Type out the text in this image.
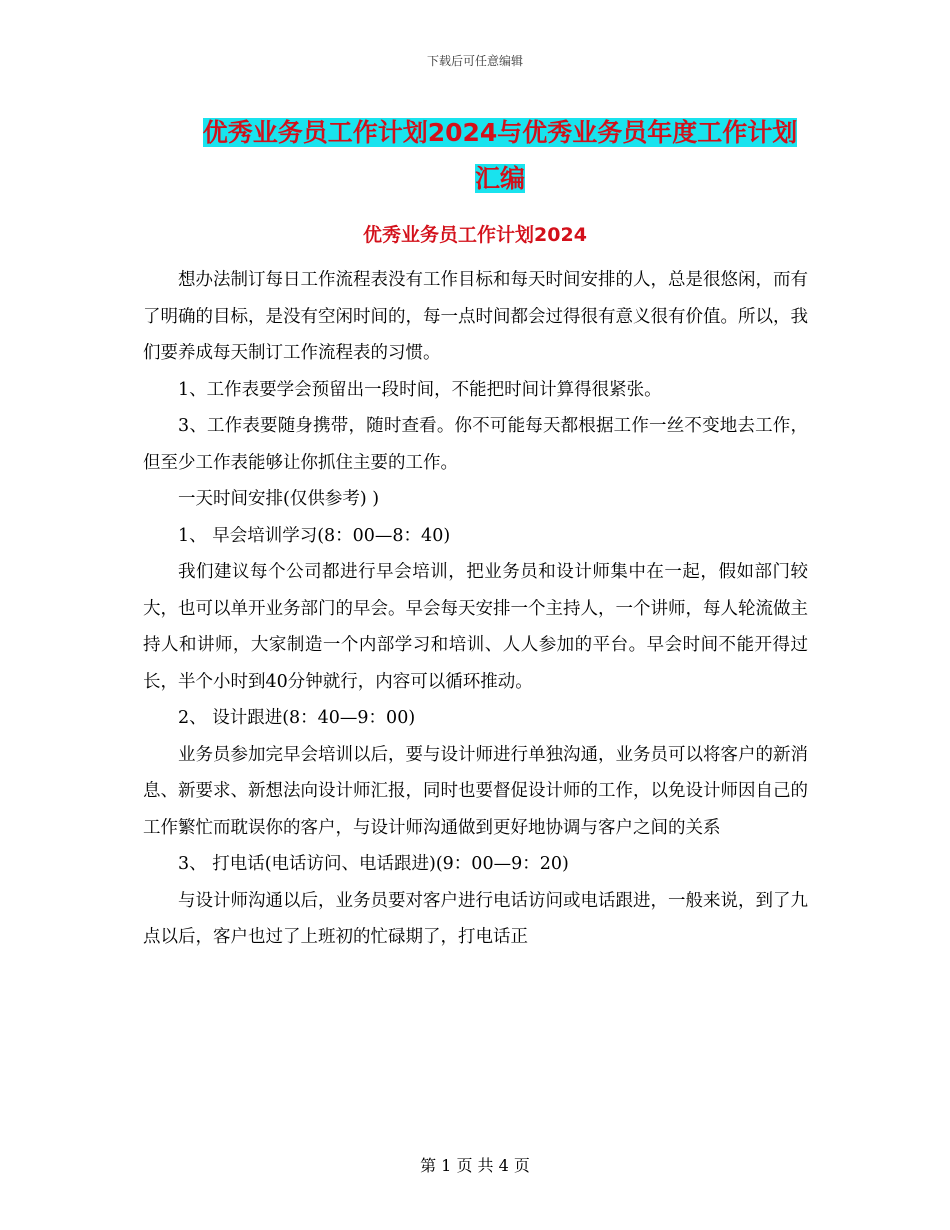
下载后可任意编辑
优秀业务员工作计划2024与优秀业务员年度工作计划
汇编
优秀业务员工作计划2024

想办法制订每日工作流程表没有工作目标和每天时间安排的人，总是很悠闲，而有了明确的目标，是没有空闲时间的，每一点时间都会过得很有意义很有价值。所以，我们要养成每天制订工作流程表的习惯。

1、工作表要学会预留出一段时间，不能把时间计算得很紧张。

3、工作表要随身携带，随时查看。你不可能每天都根据工作一丝不变地去工作，但至少工作表能够让你抓住主要的工作。

一天时间安排(仅供参考) )

1、 早会培训学习(8：00—8：40)

我们建议每个公司都进行早会培训，把业务员和设计师集中在一起，假如部门较大，也可以单开业务部门的早会。早会每天安排一个主持人，一个讲师，每人轮流做主持人和讲师，大家制造一个内部学习和培训、人人参加的平台。早会时间不能开得过长，半个小时到40分钟就行，内容可以循环推动。

2、 设计跟进(8：40—9：00)

业务员参加完早会培训以后，要与设计师进行单独沟通，业务员可以将客户的新消息、新要求、新想法向设计师汇报，同时也要督促设计师的工作，以免设计师因自己的工作繁忙而耽误你的客户，与设计师沟通做到更好地协调与客户之间的关系

3、 打电话(电话访问、电话跟进)(9：00—9：20)

与设计师沟通以后，业务员要对客户进行电话访问或电话跟进，一般来说，到了九点以后，客户也过了上班初的忙碌期了，打电话正

第 1 页 共 4 页
